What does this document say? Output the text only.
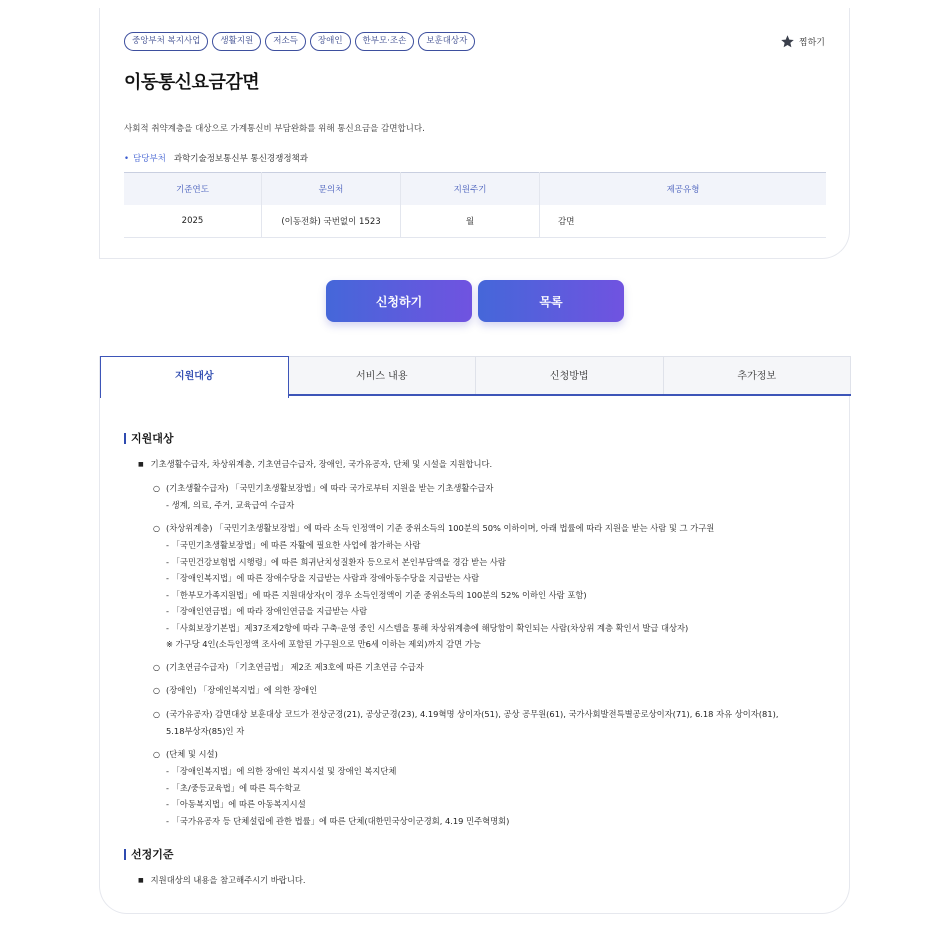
중앙부처 복지사업	생활지원	저소득	장애인	한부모·조손	보훈대상자	찜하기
이동통신요금감면
사회적 취약계층을 대상으로 가계통신비 부담완화를 위해 통신요금을 감면합니다.
• 담당부처 과학기술정보통신부 통신경쟁정책과
기준연도	문의처	지원주기	제공유형
2025	(이동전화) 국번없이 1523	월	감면
신청하기	목록
지원대상	서비스 내용	신청방법	추가정보
지원대상
■ 기초생활수급자, 차상위계층, 기초연금수급자, 장애인, 국가유공자, 단체 및 시설을 지원합니다.
○ (기초생활수급자) 「국민기초생활보장법」에 따라 국가로부터 지원을 받는 기초생활수급자
- 생계, 의료, 주거, 교육급여 수급자
○ (차상위계층) 「국민기초생활보장법」에 따라 소득 인정액이 기준 중위소득의 100분의 50% 이하이며, 아래 법률에 따라 지원을 받는 사람 및 그 가구원
- 「국민기초생활보장법」에 따른 자활에 필요한 사업에 참가하는 사람
- 「국민건강보험법 시행령」에 따른 희귀난치성질환자 등으로서 본인부담액을 경감 받는 사람
- 「장애인복지법」에 따른 장애수당을 지급받는 사람과 장애아동수당을 지급받는 사람
- 「한부모가족지원법」에 따른 지원대상자(이 경우 소득인정액이 기준 중위소득의 100분의 52% 이하인 사람 포함)
- 「장애인연금법」에 따라 장애인연금을 지급받는 사람
- 「사회보장기본법」제37조제2항에 따라 구축·운영 중인 시스템을 통해 차상위계층에 해당함이 확인되는 사람(차상위 계층 확인서 발급 대상자)
※ 가구당 4인(소득인정액 조사에 포함된 가구원으로 만6세 이하는 제외)까지 감면 가능
○ (기초연금수급자) 「기초연금법」 제2조 제3호에 따른 기초연금 수급자
○ (장애인) 「장애인복지법」에 의한 장애인
○ (국가유공자) 감면대상 보훈대상 코드가 전상군경(21), 공상군경(23), 4.19혁명 상이자(51), 공상 공무원(61), 국가사회발전특별공로상이자(71), 6.18 자유 상이자(81),
5.18부상자(85)인 자
○ (단체 및 시설)
- 「장애인복지법」에 의한 장애인 복지시설 및 장애인 복지단체
- 「초/중등교육법」에 따른 특수학교
- 「아동복지법」에 따른 아동복지시설
- 「국가유공자 등 단체설립에 관한 법률」에 따른 단체(대한민국상이군경회, 4.19 민주혁명회)
선정기준
■ 지원대상의 내용을 참고해주시기 바랍니다.
